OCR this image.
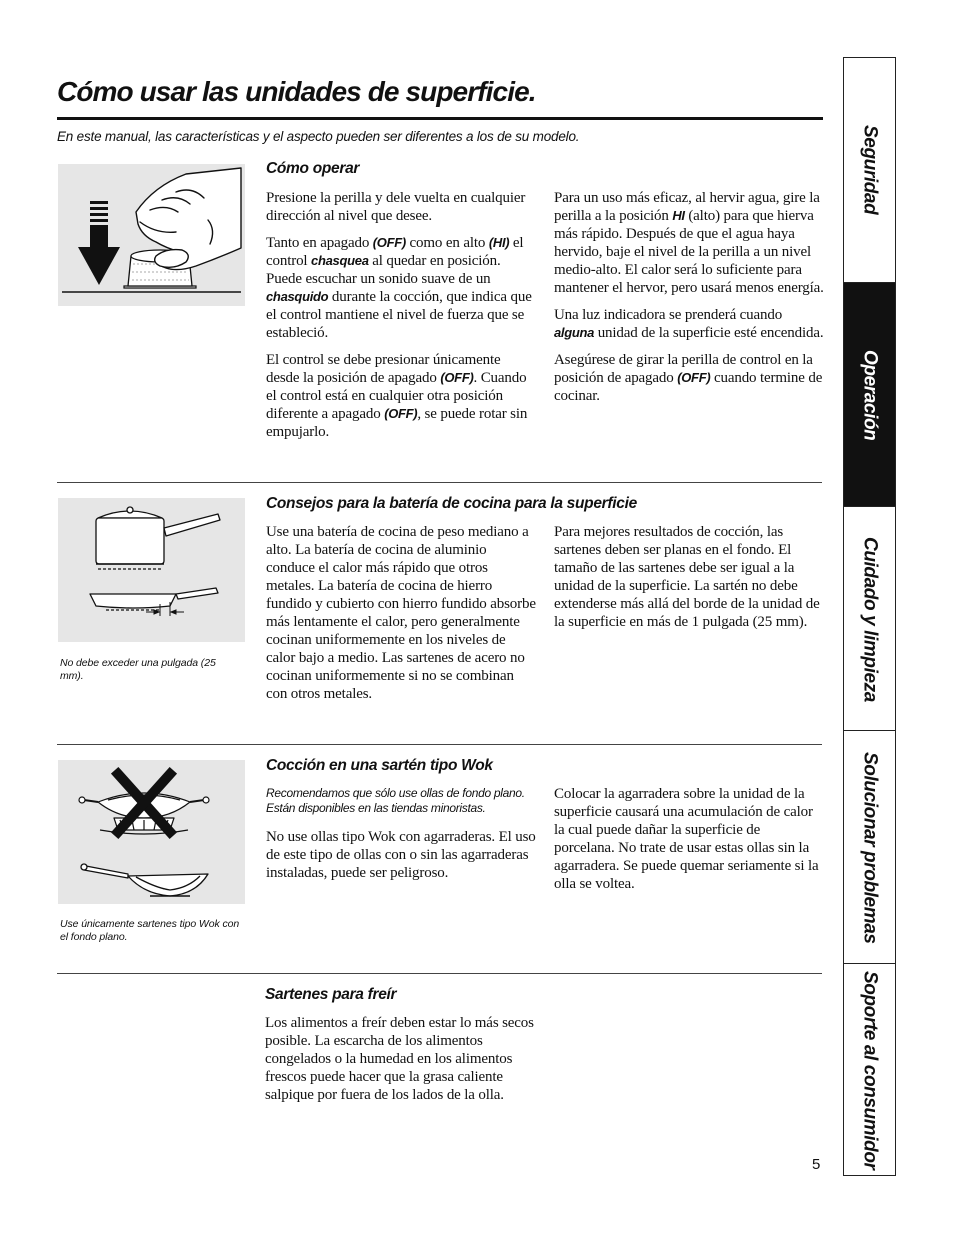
Cómo usar las unidades de superficie.

En este manual, las características y el aspecto pueden ser diferentes a los de su modelo.

Cómo operar

Presione la perilla y dele vuelta en cualquier dirección al nivel que desee.

Tanto en apagado (OFF) como en alto (HI) el control chasquea al quedar en posición. Puede escuchar un sonido suave de un chasquido durante la cocción, que indica que el control mantiene el nivel de fuerza que se estableció.

El control se debe presionar únicamente desde la posición de apagado (OFF). Cuando el control está en cualquier otra posición diferente a apagado (OFF), se puede rotar sin empujarlo.

Para un uso más eficaz, al hervir agua, gire la perilla a la posición HI (alto) para que hierva más rápido. Después de que el agua haya hervido, baje el nivel de la perilla a un nivel medio-alto. El calor será lo suficiente para mantener el hervor, pero usará menos energía.

Una luz indicadora se prenderá cuando alguna unidad de la superficie esté encendida.

Asegúrese de girar la perilla de control en la posición de apagado (OFF) cuando termine de cocinar.

No debe exceder una pulgada (25 mm).

Consejos para la batería de cocina para la superficie

Use una batería de cocina de peso mediano a alto. La batería de cocina de aluminio conduce el calor más rápido que otros metales. La batería de cocina de hierro fundido y cubierto con hierro fundido absorbe más lentamente el calor, pero generalmente cocinan uniformemente en los niveles de calor bajo a medio. Las sartenes de acero no cocinan uniformemente si no se combinan con otros metales.

Para mejores resultados de cocción, las sartenes deben ser planas en el fondo. El tamaño de las sartenes debe ser igual a la unidad de la superficie. La sartén no debe extenderse más allá del borde de la unidad de la superficie en más de 1 pulgada (25 mm).

Use únicamente sartenes tipo Wok con el fondo plano.

Cocción en una sartén tipo Wok

Recomendamos que sólo use ollas de fondo plano. Están disponibles en las tiendas minoristas.

No use ollas tipo Wok con agarraderas. El uso de este tipo de ollas con o sin las agarraderas instaladas, puede ser peligroso.

Colocar la agarradera sobre la unidad de la superficie causará una acumulación de calor la cual puede dañar la superficie de porcelana. No trate de usar estas ollas sin la agarradera. Se puede quemar seriamente si la olla se voltea.

Sartenes para freír

Los alimentos a freír deben estar lo más secos posible. La escarcha de los alimentos congelados o la humedad en los alimentos frescos puede hacer que la grasa caliente salpique por fuera de los lados de la olla.

5

Seguridad
Operación
Cuidado y limpieza
Solucionar problemas
Soporte al consumidor
